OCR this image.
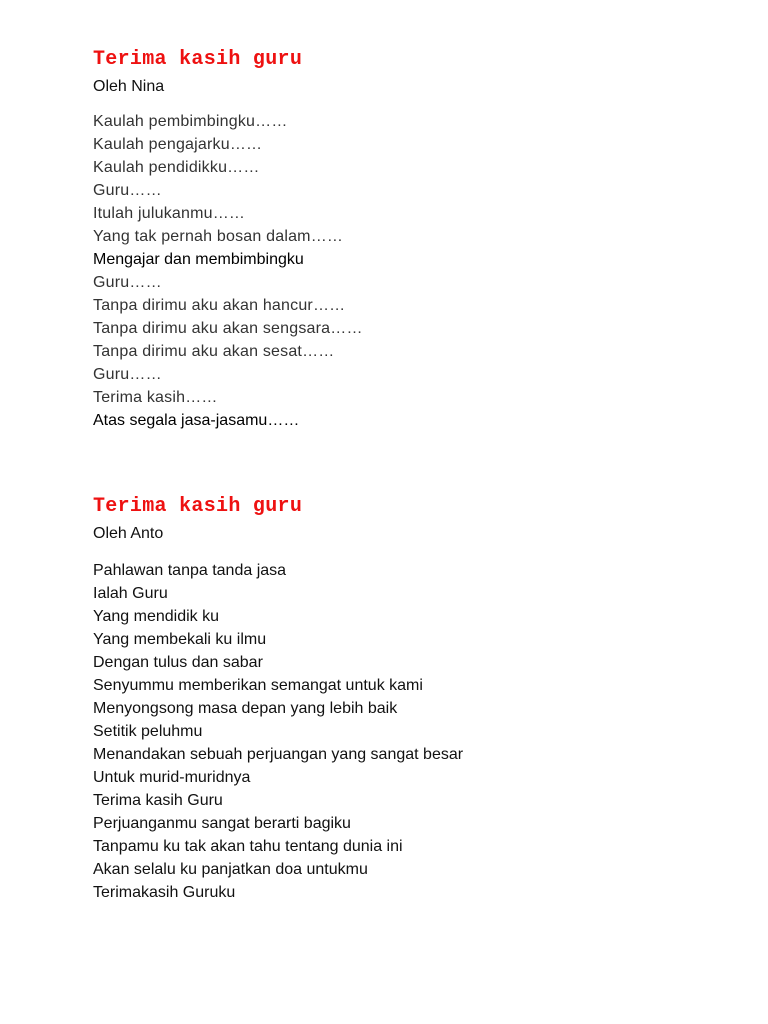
Terima kasih guru
Oleh Nina
Kaulah pembimbingku……
Kaulah pengajarku……
Kaulah pendidikku……
Guru……
Itulah julukanmu……
Yang tak pernah bosan dalam……
Mengajar dan membimbingku
Guru……
Tanpa dirimu aku akan hancur……
Tanpa dirimu aku akan sengsara……
Tanpa dirimu aku akan sesat……
Guru……
Terima kasih……
Atas segala jasa-jasamu……
Terima kasih guru
Oleh Anto
Pahlawan tanpa tanda jasa
Ialah Guru
Yang mendidik ku
Yang membekali ku ilmu
Dengan tulus dan sabar
Senyummu memberikan semangat untuk kami
Menyongsong masa depan yang lebih baik
Setitik peluhmu
Menandakan sebuah perjuangan yang sangat besar
Untuk murid-muridnya
Terima kasih Guru
Perjuanganmu sangat berarti bagiku
Tanpamu ku tak akan tahu tentang dunia ini
Akan selalu ku panjatkan doa untukmu
Terimakasih Guruku
